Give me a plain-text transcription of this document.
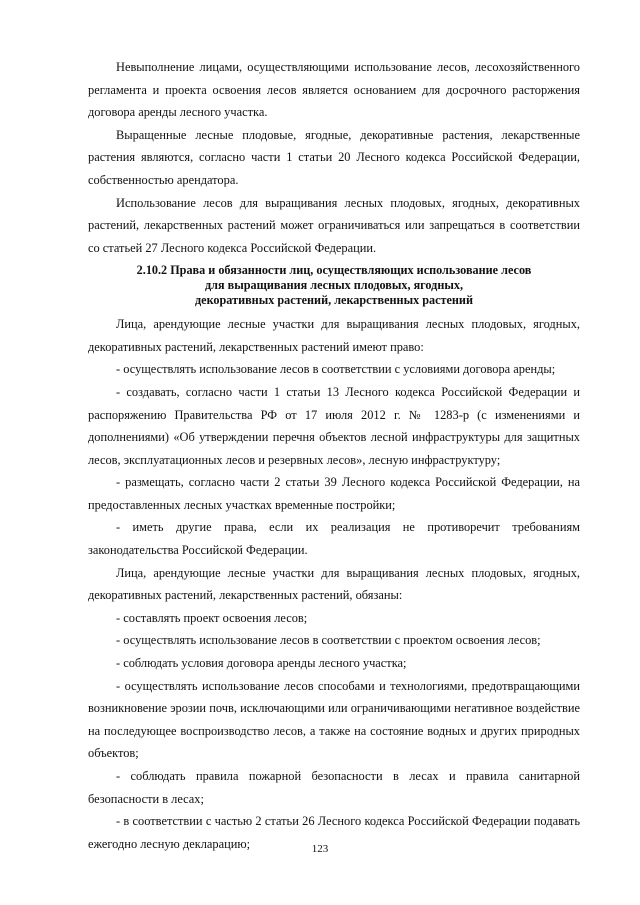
Невыполнение лицами, осуществляющими использование лесов, лесохозяйственного регламента и проекта освоения лесов является основанием для досрочного расторжения договора аренды лесного участка.

Выращенные лесные плодовые, ягодные, декоративные растения, лекарственные растения являются, согласно части 1 статьи 20 Лесного кодекса Российской Федерации, собственностью арендатора.

Использование лесов для выращивания лесных плодовых, ягодных, декоративных растений, лекарственных растений может ограничиваться или запрещаться в соответствии со статьей 27 Лесного кодекса Российской Федерации.

2.10.2 Права и обязанности лиц, осуществляющих использование лесов
для выращивания лесных плодовых, ягодных,
декоративных растений, лекарственных растений

Лица, арендующие лесные участки для выращивания лесных плодовых, ягодных, декоративных растений, лекарственных растений имеют право:

- осуществлять использование лесов в соответствии с условиями договора аренды;

- создавать, согласно части 1 статьи 13 Лесного кодекса Российской Федерации и распоряжению Правительства РФ от 17 июля 2012 г. № 1283-р (с изменениями и дополнениями) «Об утверждении перечня объектов лесной инфраструктуры для защитных лесов, эксплуатационных лесов и резервных лесов», лесную инфраструктуру;

- размещать, согласно части 2 статьи 39 Лесного кодекса Российской Федерации, на предоставленных лесных участках временные постройки;

- иметь другие права, если их реализация не противоречит требованиям законодательства Российской Федерации.

Лица, арендующие лесные участки для выращивания лесных плодовых, ягодных, декоративных растений, лекарственных растений, обязаны:

- составлять проект освоения лесов;

- осуществлять использование лесов в соответствии с проектом освоения лесов;

- соблюдать условия договора аренды лесного участка;

- осуществлять использование лесов способами и технологиями, предотвращающими возникновение эрозии почв, исключающими или ограничивающими негативное воздействие на последующее воспроизводство лесов, а также на состояние водных и других природных объектов;

- соблюдать правила пожарной безопасности в лесах и правила санитарной безопасности в лесах;

- в соответствии с частью 2 статьи 26 Лесного кодекса Российской Федерации подавать ежегодно лесную декларацию;	123
